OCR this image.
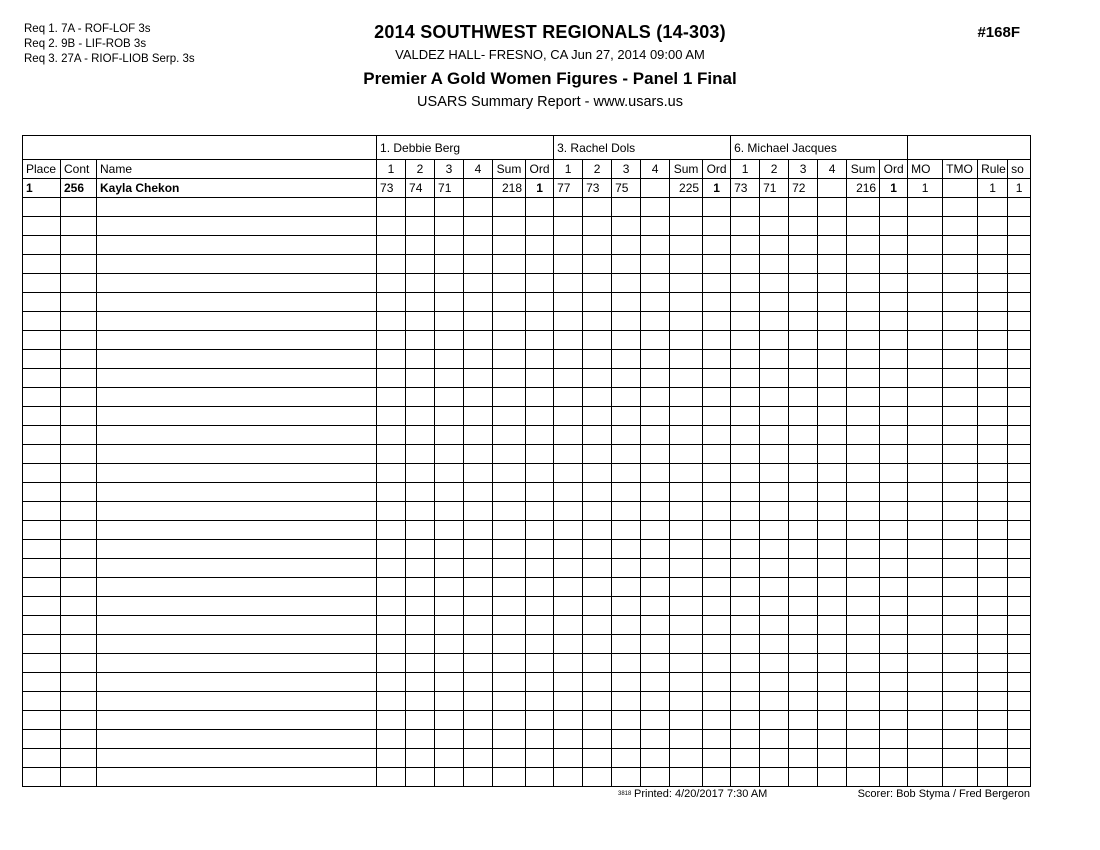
Req 1. 7A - ROF-LOF 3s
Req 2. 9B - LIF-ROB 3s
Req 3. 27A - RIOF-LIOB Serp. 3s
2014 SOUTHWEST REGIONALS (14-303)
VALDEZ HALL- FRESNO, CA Jun 27, 2014 09:00 AM
Premier A Gold Women Figures - Panel 1 Final
USARS Summary Report - www.usars.us
#168F
			1. Debbie Berg						3. Rachel Dols						6. Michael Jacques									
Place	Cont	Name	1	2	3	4	Sum	Ord	1	2	3	4	Sum	Ord	1	2	3	4	Sum	Ord	MO	TMO	Rule	so
1	256	Kayla Chekon	73	74	71		218	1	77	73	75		225	1	73	71	72		216	1	1		1	1

3818 Printed: 4/20/2017 7:30 AM	Scorer: Bob Styma / Fred Bergeron
